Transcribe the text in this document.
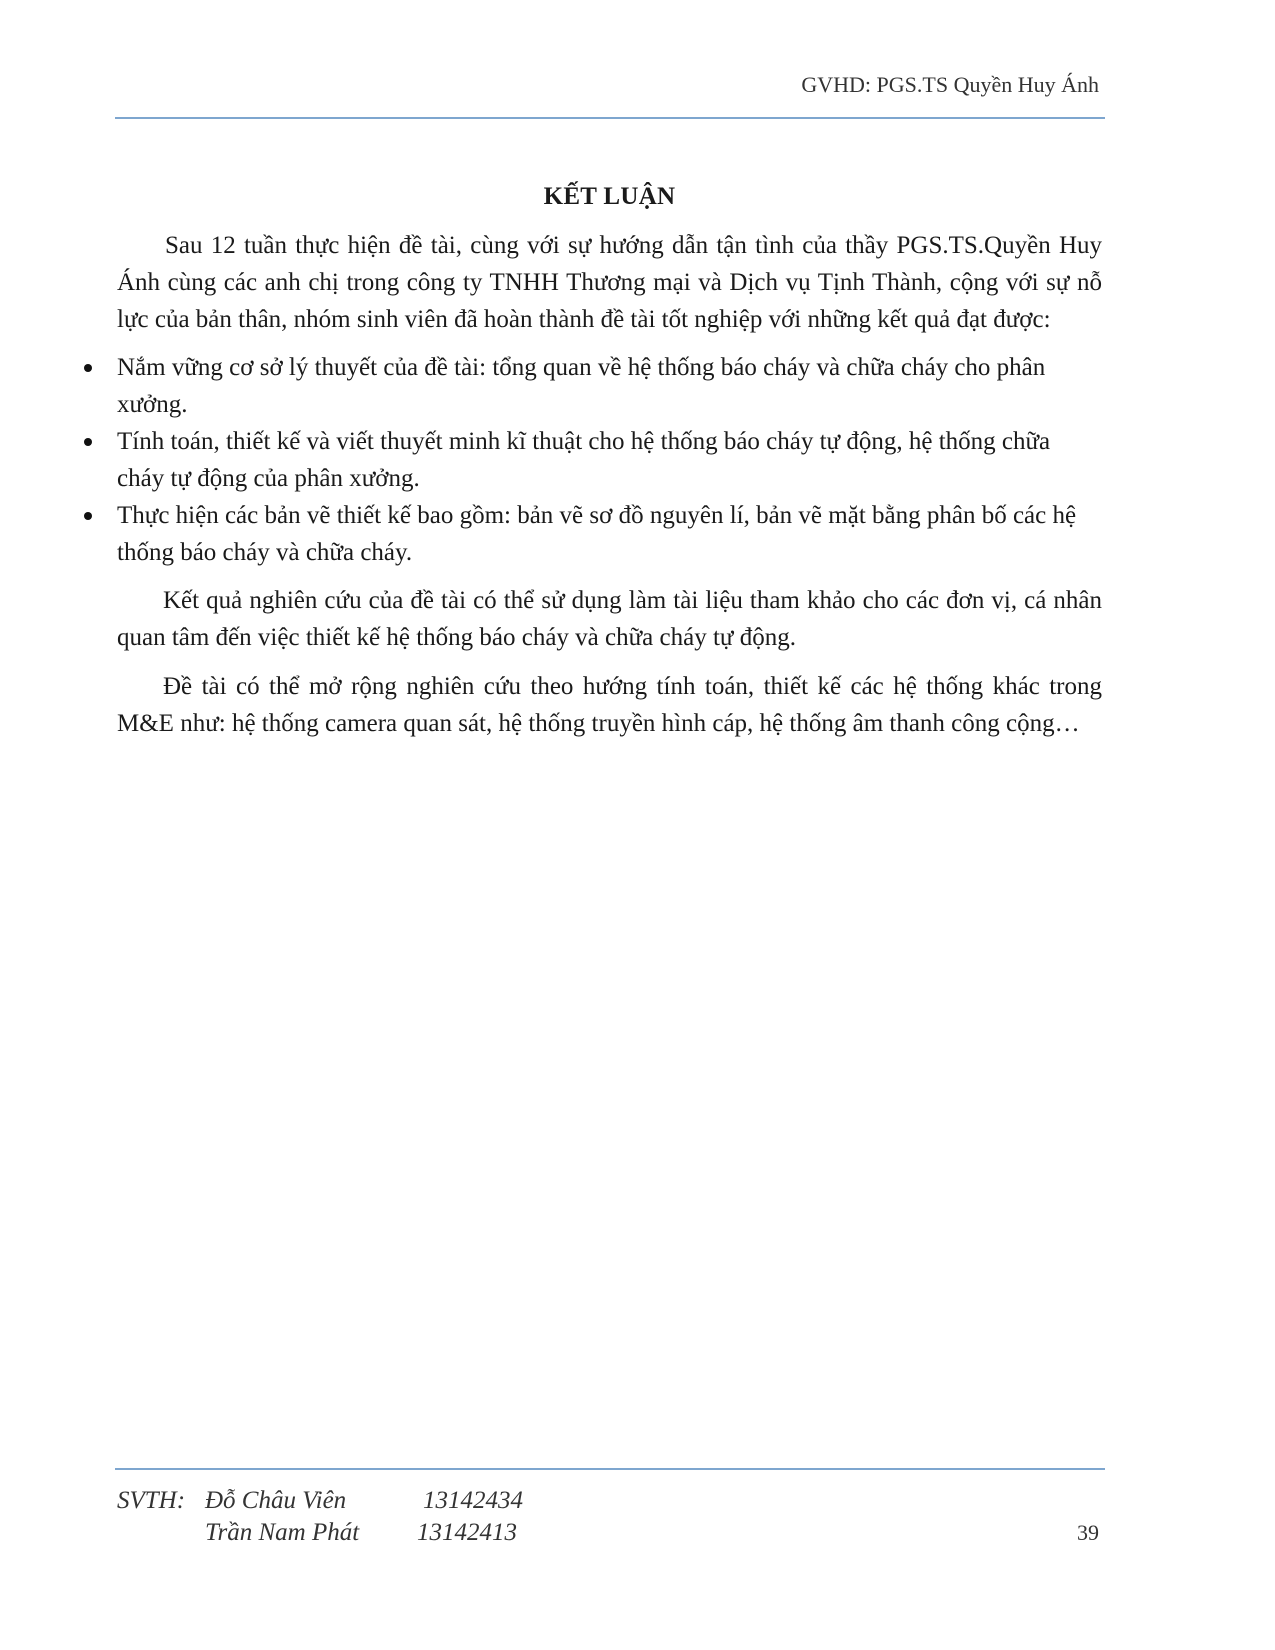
GVHD: PGS.TS Quyền Huy Ánh

KẾT LUẬN

Sau 12 tuần thực hiện đề tài, cùng với sự hướng dẫn tận tình của thầy PGS.TS.Quyền Huy Ánh cùng các anh chị trong công ty TNHH Thương mại và Dịch vụ Tịnh Thành, cộng với sự nỗ lực của bản thân, nhóm sinh viên đã hoàn thành đề tài tốt nghiệp với những kết quả đạt được:

Nắm vững cơ sở lý thuyết của đề tài: tổng quan về hệ thống báo cháy và chữa cháy cho phân xưởng.
Tính toán, thiết kế và viết thuyết minh kĩ thuật cho hệ thống báo cháy tự động, hệ thống chữa cháy tự động của phân xưởng.
Thực hiện các bản vẽ thiết kế bao gồm: bản vẽ sơ đồ nguyên lí, bản vẽ mặt bằng phân bố các hệ thống báo cháy và chữa cháy.

Kết quả nghiên cứu của đề tài có thể sử dụng làm tài liệu tham khảo cho các đơn vị, cá nhân quan tâm đến việc thiết kế hệ thống báo cháy và chữa cháy tự động.

Đề tài có thể mở rộng nghiên cứu theo hướng tính toán, thiết kế các hệ thống khác trong M&E như: hệ thống camera quan sát, hệ thống truyền hình cáp, hệ thống âm thanh công cộng…

SVTH: Đỗ Châu Viên	13142434
Trần Nam Phát 13142413	39
